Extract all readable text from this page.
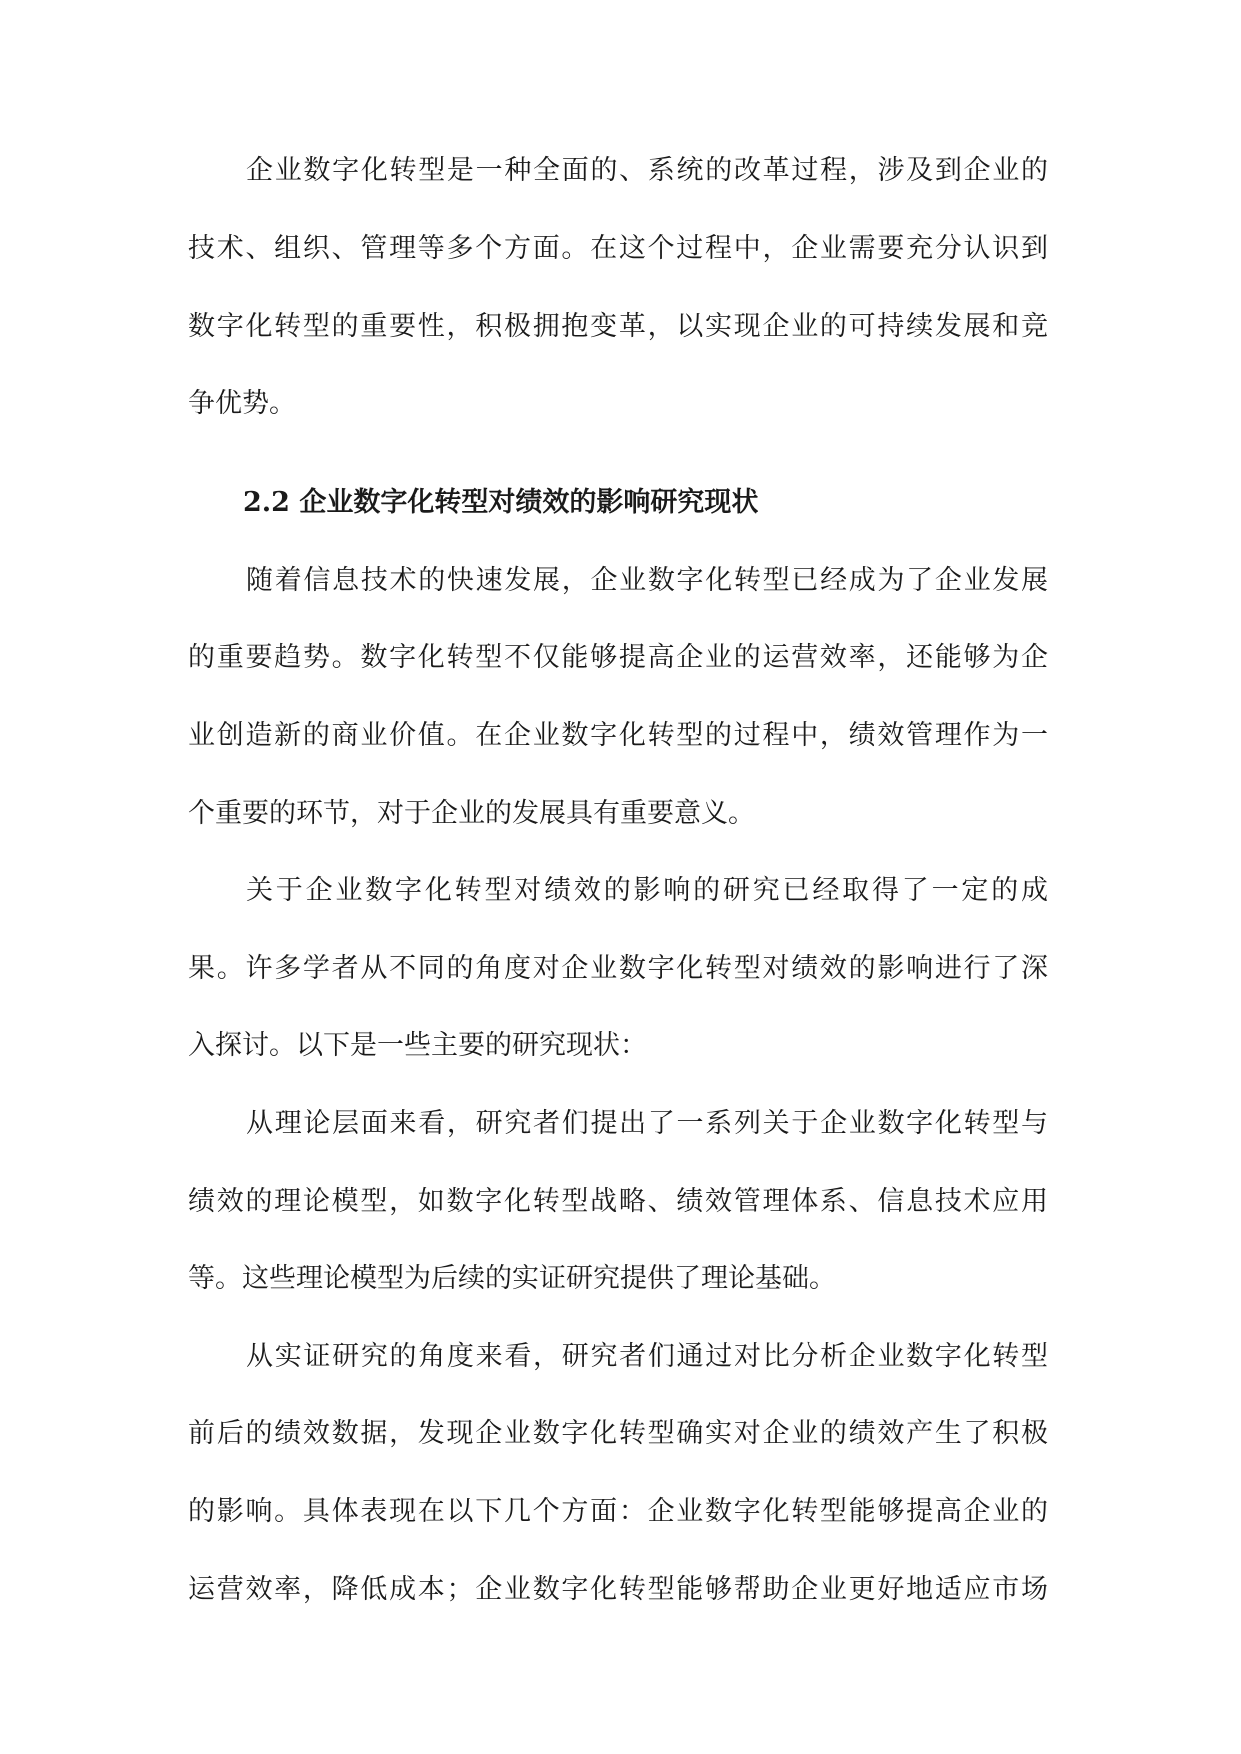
企业数字化转型是一种全面的、系统的改革过程，涉及到企业的
技术、组织、管理等多个方面。在这个过程中，企业需要充分认识到
数字化转型的重要性，积极拥抱变革，以实现企业的可持续发展和竞
争优势。
2.2 企业数字化转型对绩效的影响研究现状
随着信息技术的快速发展，企业数字化转型已经成为了企业发展
的重要趋势。数字化转型不仅能够提高企业的运营效率，还能够为企
业创造新的商业价值。在企业数字化转型的过程中，绩效管理作为一
个重要的环节，对于企业的发展具有重要意义。
关于企业数字化转型对绩效的影响的研究已经取得了一定的成
果。许多学者从不同的角度对企业数字化转型对绩效的影响进行了深
入探讨。以下是一些主要的研究现状：
从理论层面来看，研究者们提出了一系列关于企业数字化转型与
绩效的理论模型，如数字化转型战略、绩效管理体系、信息技术应用
等。这些理论模型为后续的实证研究提供了理论基础。
从实证研究的角度来看，研究者们通过对比分析企业数字化转型
前后的绩效数据，发现企业数字化转型确实对企业的绩效产生了积极
的影响。具体表现在以下几个方面：企业数字化转型能够提高企业的
运营效率，降低成本；企业数字化转型能够帮助企业更好地适应市场
